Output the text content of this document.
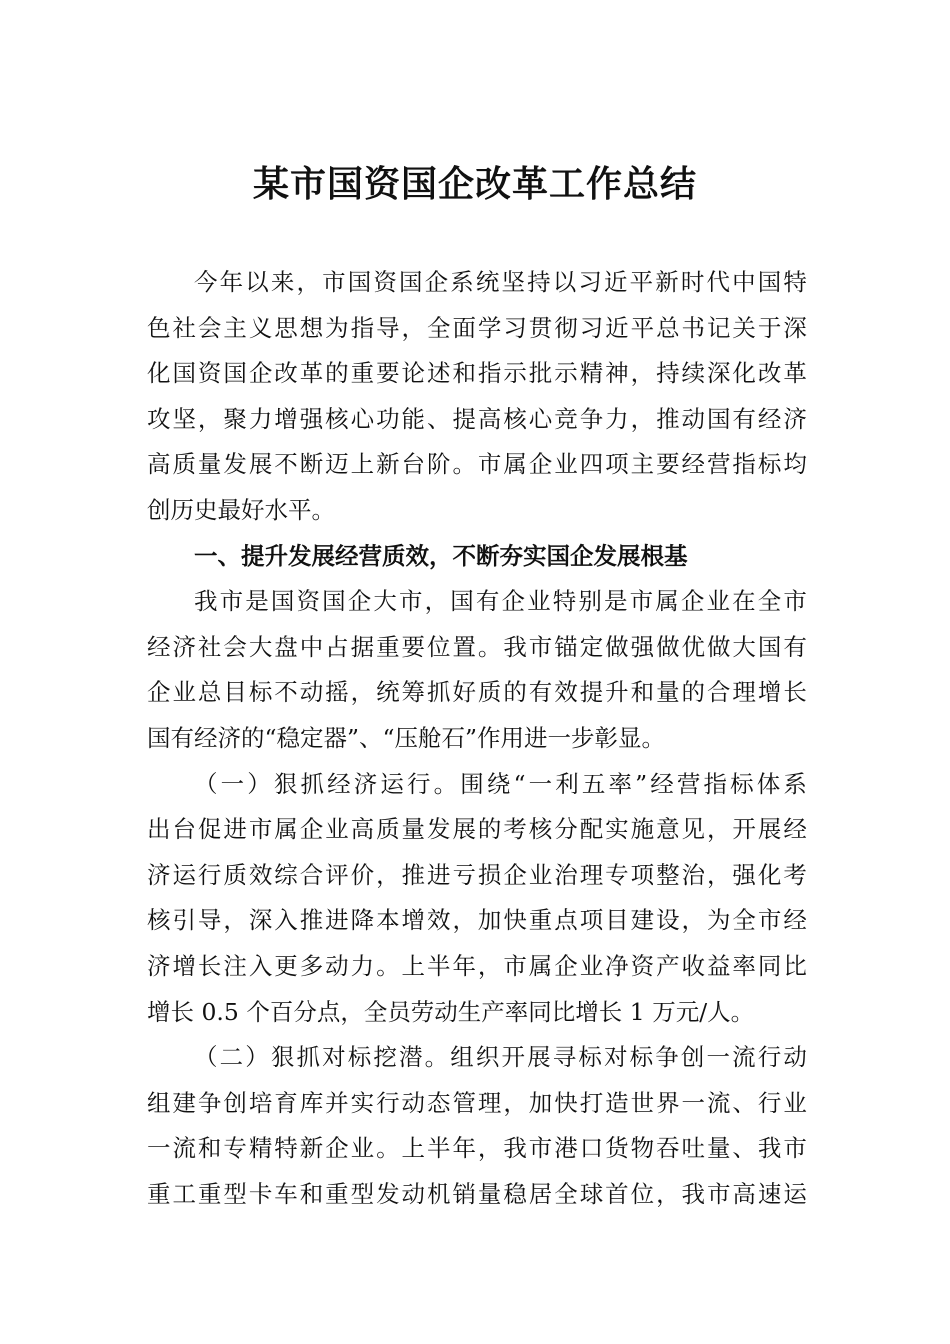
某市国资国企改革工作总结
今 年 以 来 ， 市 国 资 国 企 系 统 坚 持 以 习 近 平 新 时 代 中 国 特
色 社 会 主 义 思 想 为 指 导 ， 全 面 学 习 贯 彻 习 近 平 总 书 记 关 于 深
化 国 资 国 企 改 革 的 重 要 论 述 和 指 示 批 示 精 神 ， 持 续 深 化 改 革
攻 坚 ， 聚 力 增 强 核 心 功 能 、 提 高 核 心 竞 争 力 ， 推 动 国 有 经 济
高 质 量 发 展 不 断 迈 上 新 台 阶 。 市 属 企 业 四 项 主 要 经 营 指 标 均
创历史最好水平。
一、提升发展经营质效，不断夯实国企发展根基
我 市 是 国 资 国 企 大 市 ， 国 有 企 业 特 别 是 市 属 企 业 在 全 市
经 济 社 会 大 盘 中 占 据 重 要 位 置 。 我 市 锚 定 做 强 做 优 做 大 国 有
企 业 总 目 标 不 动 摇 ， 统 筹 抓 好 质 的 有 效 提 升 和 量 的 合 理 增 长
国有经济的“稳定器”、“压舱石”作用进一步彰显。
（ 一 ） 狠 抓 经 济 运 行 。 围 绕 “ 一 利 五 率 ” 经 营 指 标 体 系
出 台 促 进 市 属 企 业 高 质 量 发 展 的 考 核 分 配 实 施 意 见 ， 开 展 经
济 运 行 质 效 综 合 评 价 ， 推 进 亏 损 企 业 治 理 专 项 整 治 ， 强 化 考
核 引 导 ， 深 入 推 进 降 本 增 效 ， 加 快 重 点 项 目 建 设 ， 为 全 市 经
济 增 长 注 入 更 多 动 力 。 上 半 年 ， 市 属 企 业 净 资 产 收 益 率 同 比
增长 0.5 个百分点，全员劳动生产率同比增长 1 万元/人。
（ 二 ） 狠 抓 对 标 挖 潜 。 组 织 开 展 寻 标 对 标 争 创 一 流 行 动
组 建 争 创 培 育 库 并 实 行 动 态 管 理 ， 加 快 打 造 世 界 一 流 、 行 业
一 流 和 专 精 特 新 企 业 。 上 半 年 ， 我 市 港 口 货 物 吞 吐 量 、 我 市
重 工 重 型 卡 车 和 重 型 发 动 机 销 量 稳 居 全 球 首 位 ， 我 市 高 速 运
